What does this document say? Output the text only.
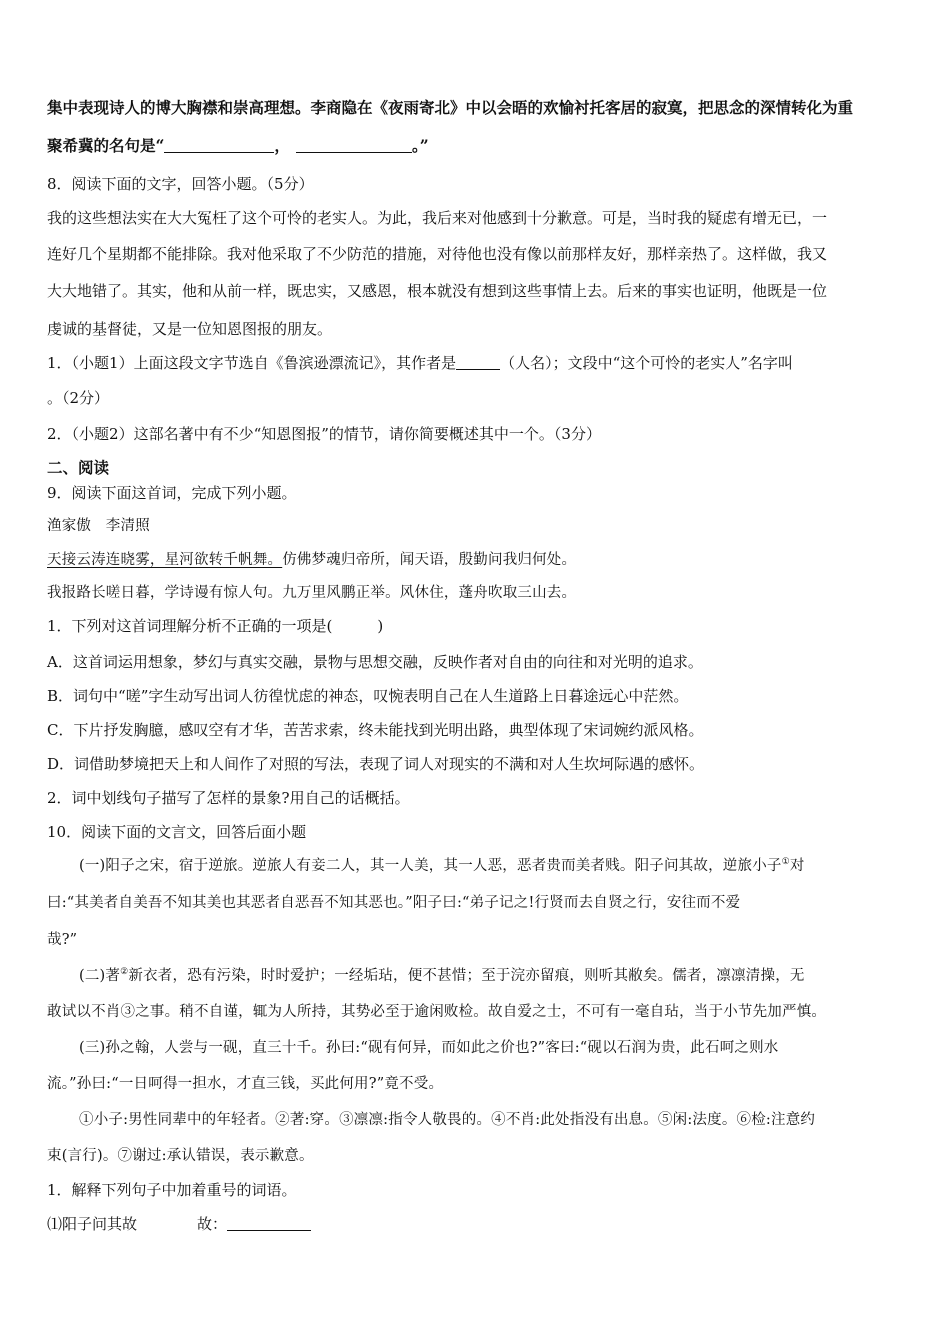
集中表现诗人的博大胸襟和崇高理想。李商隐在《夜雨寄北》中以会晤的欢愉衬托客居的寂寞，把思念的深情转化为重
聚希冀的名句是“	，	。”
8．阅读下面的文字，回答小题。（5分）
我的这些想法实在大大冤枉了这个可怜的老实人。为此，我后来对他感到十分歉意。可是，当时我的疑虑有增无已，一
连好几个星期都不能排除。我对他采取了不少防范的措施，对待他也没有像以前那样友好，那样亲热了。这样做，我又
大大地错了。其实，他和从前一样，既忠实，又感恩，根本就没有想到这些事情上去。后来的事实也证明，他既是一位
虔诚的基督徒，又是一位知恩图报的朋友。
1．（小题1）上面这段文字节选自《鲁滨逊漂流记》，其作者是	（人名）；文段中“这个可怜的老实人”名字叫
。（2分）
2．（小题2）这部名著中有不少“知恩图报”的情节，请你简要概述其中一个。（3分）
二、阅读
9．阅读下面这首词，完成下列小题。
渔家傲　李清照
天接云涛连晓雾，星河欲转千帆舞。仿佛梦魂归帝所，闻天语，殷勤问我归何处。
我报路长嗟日暮，学诗谩有惊人句。九万里风鹏正举。风休住，蓬舟吹取三山去。
1．下列对这首词理解分析不正确的一项是(　　　)
A．这首词运用想象，梦幻与真实交融，景物与思想交融，反映作者对自由的向往和对光明的追求。
B．词句中“嗟”字生动写出词人彷徨忧虑的神态，叹惋表明自己在人生道路上日暮途远心中茫然。
C．下片抒发胸臆，感叹空有才华，苦苦求索，终未能找到光明出路，典型体现了宋词婉约派风格。
D．词借助梦境把天上和人间作了对照的写法，表现了词人对现实的不满和对人生坎坷际遇的感怀。
2．词中划线句子描写了怎样的景象?用自己的话概括。
10．阅读下面的文言文，回答后面小题
(一)阳子之宋，宿于逆旅。逆旅人有妾二人，其一人美，其一人恶，恶者贵而美者贱。阳子问其故，逆旅小子①对
曰:“其美者自美吾不知其美也其恶者自恶吾不知其恶也。”阳子曰:“弟子记之!行贤而去自贤之行，安往而不爱
哉?”
(二)著②新衣者，恐有污染，时时爱护；一经垢玷，便不甚惜；至于浣亦留痕，则听其敝矣。儒者，凛凛清操，无
敢试以不肖③之事。稍不自谨，辄为人所持，其势必至于逾闲败检。故自爱之士，不可有一毫自玷，当于小节先加严慎。
(三)孙之翰，人尝与一砚，直三十千。孙曰:“砚有何异，而如此之价也?”客曰:“砚以石润为贵，此石呵之则水
流。”孙曰:“一日呵得一担水，才直三钱，买此何用?”竟不受。
①小子:男性同辈中的年轻者。②著:穿。③凛凛:指令人敬畏的。④不肖:此处指没有出息。⑤闲:法度。⑥检:注意约
束(言行)。⑦谢过:承认错误，表示歉意。
1．解释下列句子中加着重号的词语。
⑴阳子问其故	故：
